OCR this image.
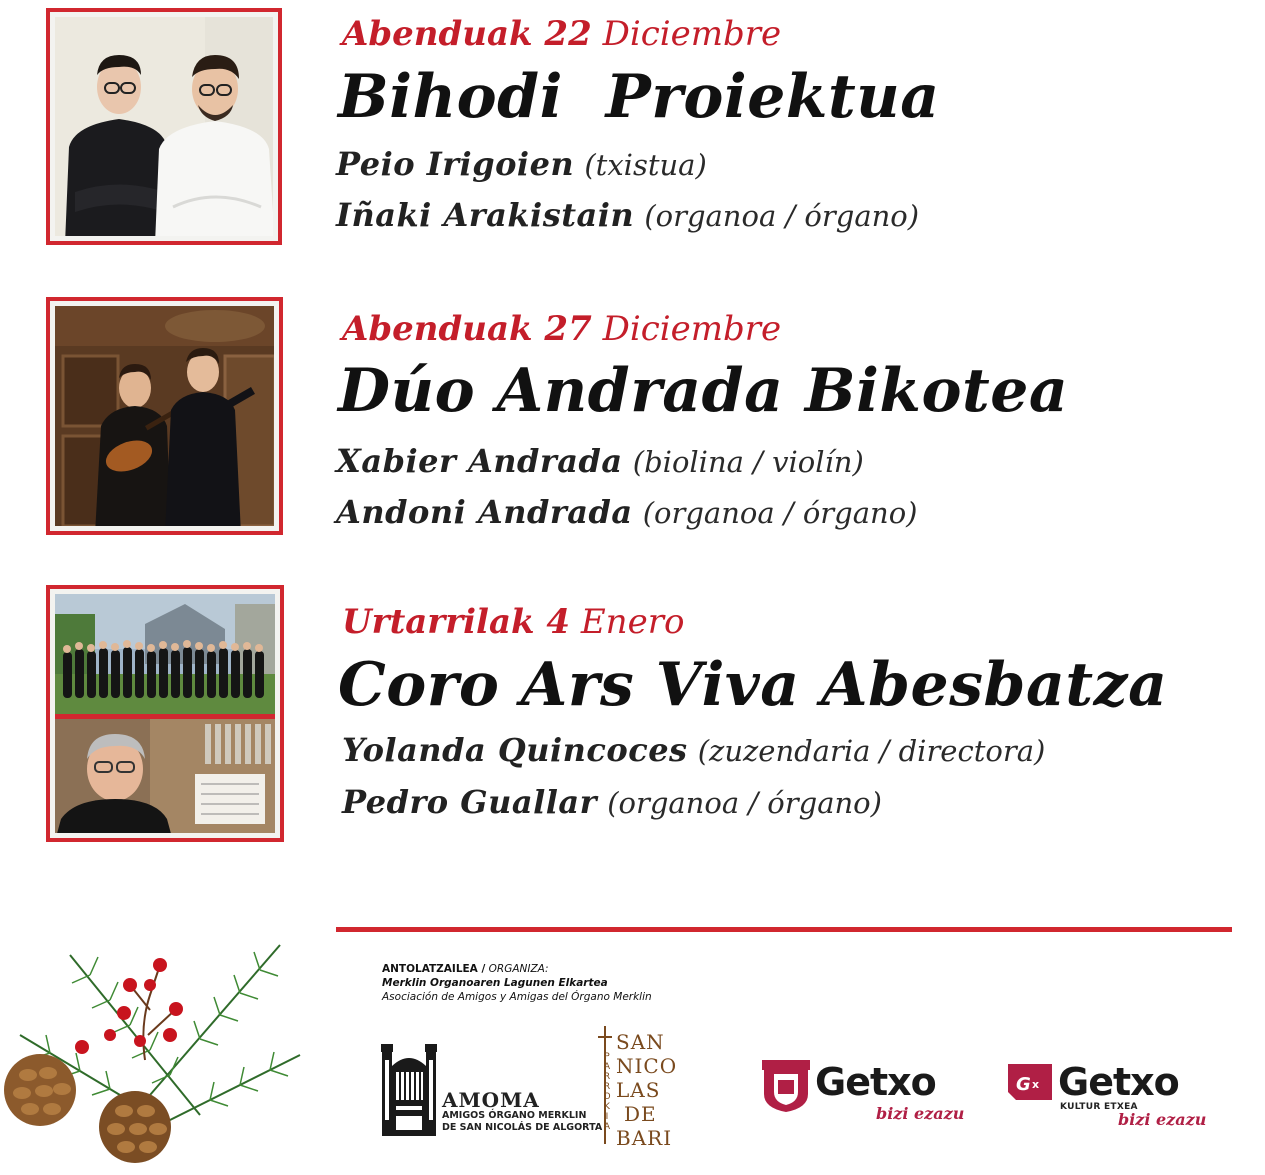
Abenduak 22 Diciembre
Bihodi  Proiektua
Peio Irigoien (txistua)
Iñaki Arakistain (organoa / órgano)
Abenduak 27 Diciembre
Dúo Andrada Bikotea
Xabier Andrada (biolina / violín)
Andoni Andrada (organoa / órgano)
Urtarrilak 4 Enero
Coro Ars Viva Abesbatza
Yolanda Quincoces (zuzendaria / directora)
Pedro Guallar (organoa / órgano)
ANTOLATZAILEA / ORGANIZA:
Merklin Organoaren Lagunen Elkartea
Asociación de Amigos y Amigas del Órgano Merklin
AMOMA
AMIGOS ÓRGANO MERKLIN
DE SAN NICOLÁS DE ALGORTA PARROKIA
SAN
NICO
LAS
DE
BARI
Getxo
bizi ezazu
G x Getxo
KULTUR ETXEA
bizi ezazu
